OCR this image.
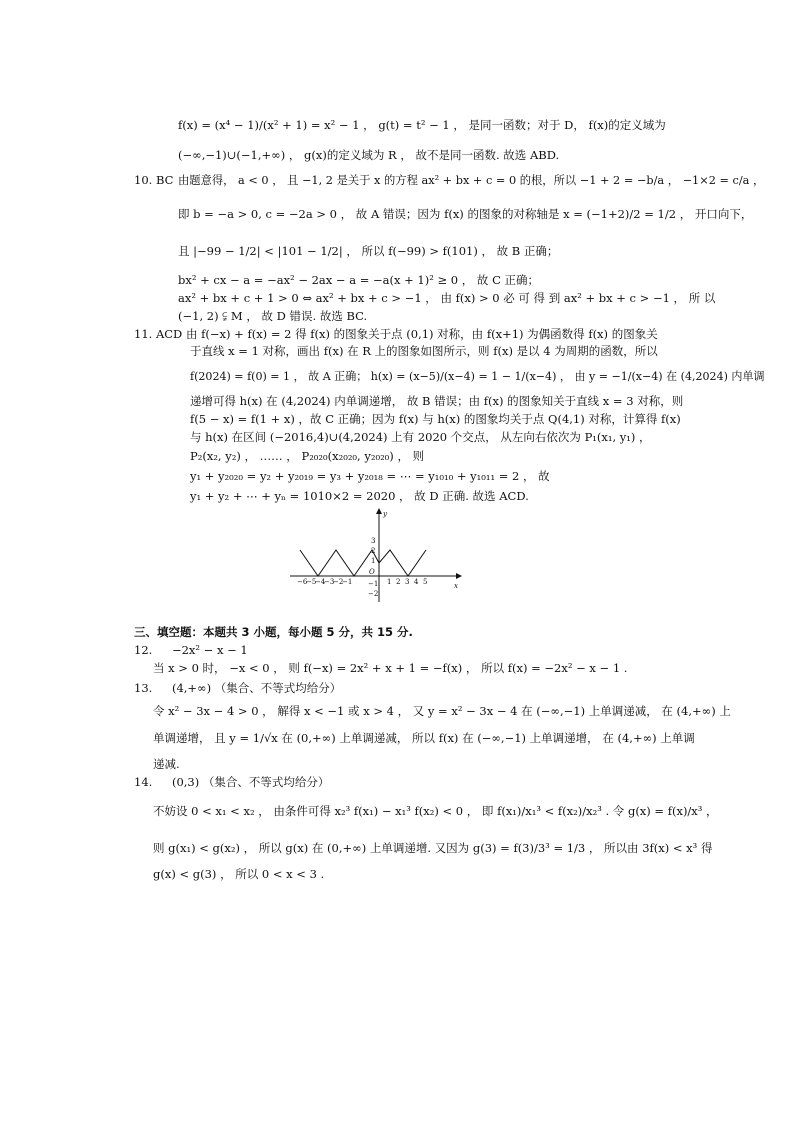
f(x) = (x⁴ − 1)/(x² + 1) = x² − 1 ， g(t) = t² − 1 ， 是同一函数；对于 D， f(x)的定义域为
(−∞,−1)∪(−1,+∞) ， g(x)的定义域为 R ， 故不是同一函数. 故选 ABD.
10. BC 由题意得， a < 0 ， 且 −1, 2 是关于 x 的方程 ax² + bx + c = 0 的根，所以 −1 + 2 = −b/a ， −1×2 = c/a ，
即 b = −a > 0, c = −2a > 0 ， 故 A 错误；因为 f(x) 的图象的对称轴是 x = (−1+2)/2 = 1/2 ， 开口向下，
且 |−99 − 1/2| < |101 − 1/2| ， 所以 f(−99) > f(101) ， 故 B 正确；
bx² + cx − a = −ax² − 2ax − a = −a(x + 1)² ≥ 0 ， 故 C 正确；
ax² + bx + c + 1 > 0 ⇔ ax² + bx + c > −1 ， 由 f(x) > 0 必 可 得 到 ax² + bx + c > −1 ， 所 以
(−1, 2) ⫋ M ， 故 D 错误. 故选 BC.
11. ACD 由 f(−x) + f(x) = 2 得 f(x) 的图象关于点 (0,1) 对称，由 f(x+1) 为偶函数得 f(x) 的图象关
于直线 x = 1 对称，画出 f(x) 在 R 上的图象如图所示，则 f(x) 是以 4 为周期的函数，所以
f(2024) = f(0) = 1 ， 故 A 正确； h(x) = (x−5)/(x−4) = 1 − 1/(x−4) ， 由 y = −1/(x−4) 在 (4,2024) 内单调
递增可得 h(x) 在 (4,2024) 内单调递增， 故 B 错误；由 f(x) 的图象知关于直线 x = 3 对称，则
f(5 − x) = f(1 + x) ，故 C 正确；因为 f(x) 与 h(x) 的图象均关于点 Q(4,1) 对称，计算得 f(x)
与 h(x) 在区间 (−2016,4)∪(4,2024) 上有 2020 个交点， 从左向右依次为 P₁(x₁, y₁) ，
P₂(x₂, y₂) ， …… ， P₂₀₂₀(x₂₀₂₀, y₂₀₂₀) ， 则
y₁ + y₂₀₂₀ = y₂ + y₂₀₁₉ = y₃ + y₂₀₁₈ = ⋯ = y₁₀₁₀ + y₁₀₁₁ = 2 ， 故
y₁ + y₂ + ⋯ + yₙ = 1010×2 = 2020 ， 故 D 正确. 故选 ACD.
x
y
O
−6
−5
−4
−3
−2
−1	1 2 3 4 5
3
2
1
−1
−2
三、填空题：本题共 3 小题，每小题 5 分，共 15 分.
12. −2x² − x − 1
当 x > 0 时， −x < 0 ， 则 f(−x) = 2x² + x + 1 = −f(x) ， 所以 f(x) = −2x² − x − 1 .
13. (4,+∞) （集合、不等式均给分）
令 x² − 3x − 4 > 0 ， 解得 x < −1 或 x > 4 ， 又 y = x² − 3x − 4 在 (−∞,−1) 上单调递减， 在 (4,+∞) 上
单调递增， 且 y = 1/√x 在 (0,+∞) 上单调递减， 所以 f(x) 在 (−∞,−1) 上单调递增， 在 (4,+∞) 上单调
递减.
14. (0,3) （集合、不等式均给分）
不妨设 0 < x₁ < x₂ ， 由条件可得 x₂³ f(x₁) − x₁³ f(x₂) < 0 ， 即 f(x₁)/x₁³ < f(x₂)/x₂³ . 令 g(x) = f(x)/x³ ，
则 g(x₁) < g(x₂) ， 所以 g(x) 在 (0,+∞) 上单调递增. 又因为 g(3) = f(3)/3³ = 1/3 ， 所以由 3f(x) < x³ 得
g(x) < g(3) ， 所以 0 < x < 3 .
